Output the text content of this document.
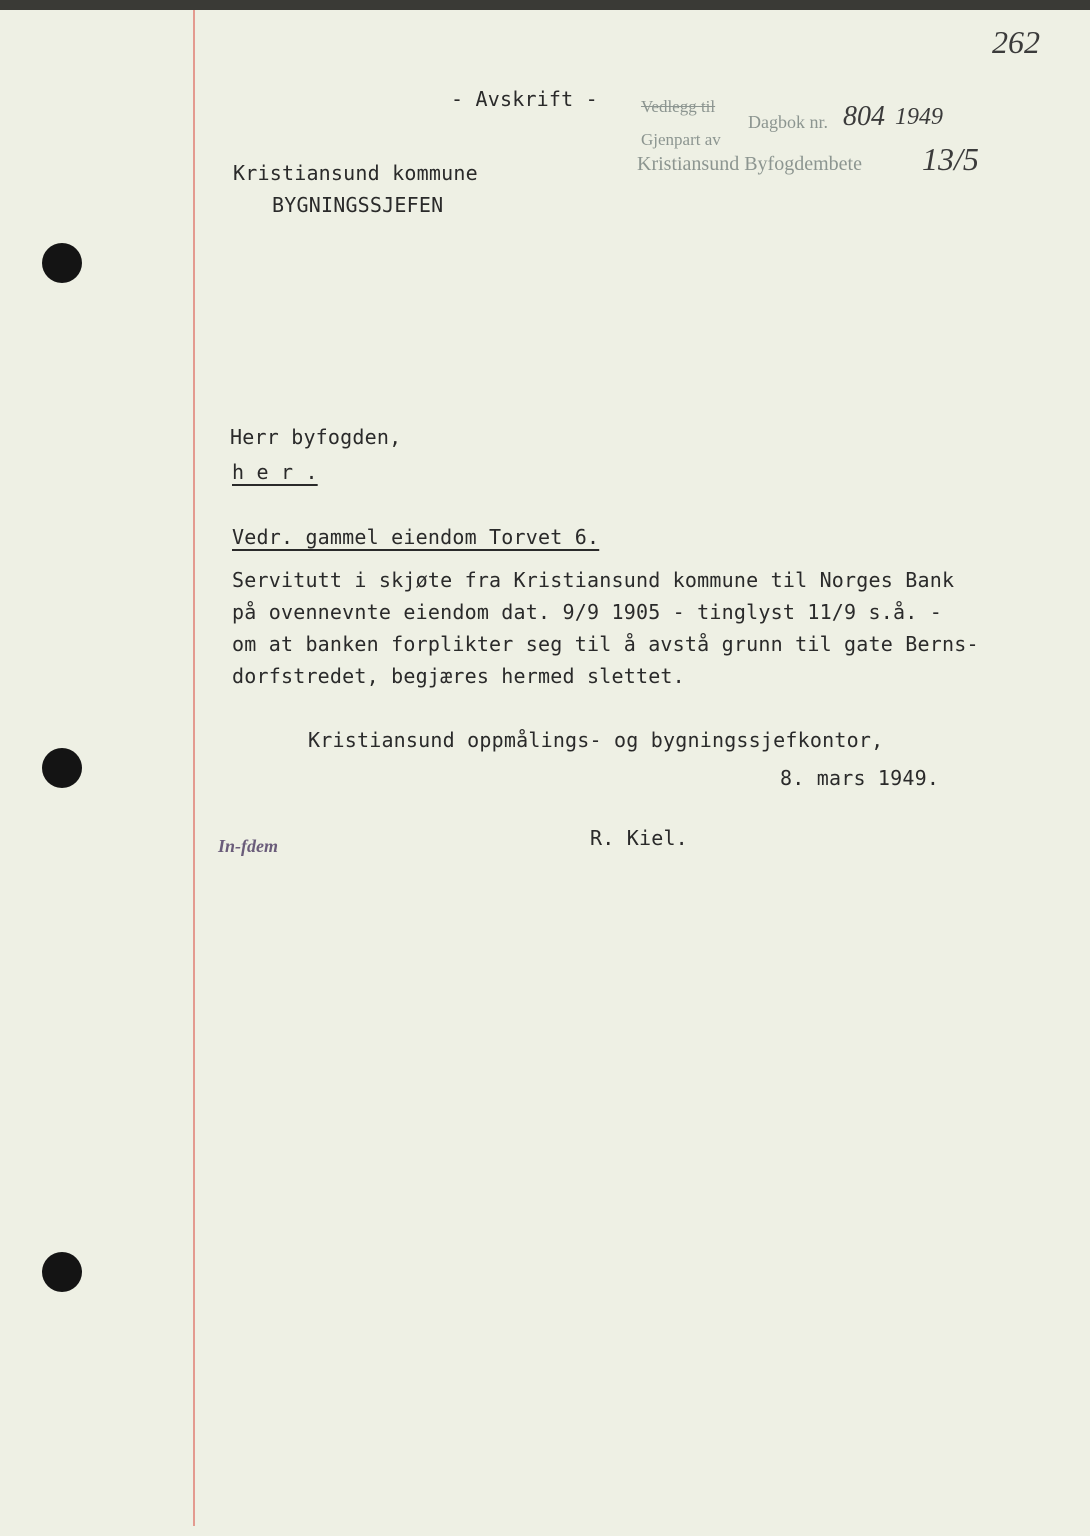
262
- Avskrift -	Vedlegg til
Gjenpart av
Dagbok nr. 804 1949
Kristiansund Byfogdembete 13/5
Kristiansund kommune
BYGNINGSSJEFEN
Herr byfogden,
h e r .
Vedr. gammel eiendom Torvet 6.
Servitutt i skjøte fra Kristiansund kommune til Norges Bank
på ovennevnte eiendom dat. 9/9 1905 - tinglyst 11/9 s.å. -
om at banken forplikter seg til å avstå grunn til gate Berns-
dorfstredet, begjæres hermed slettet.
Kristiansund oppmålings- og bygningssjefkontor,
8. mars 1949.
In-fdem	R. Kiel.
